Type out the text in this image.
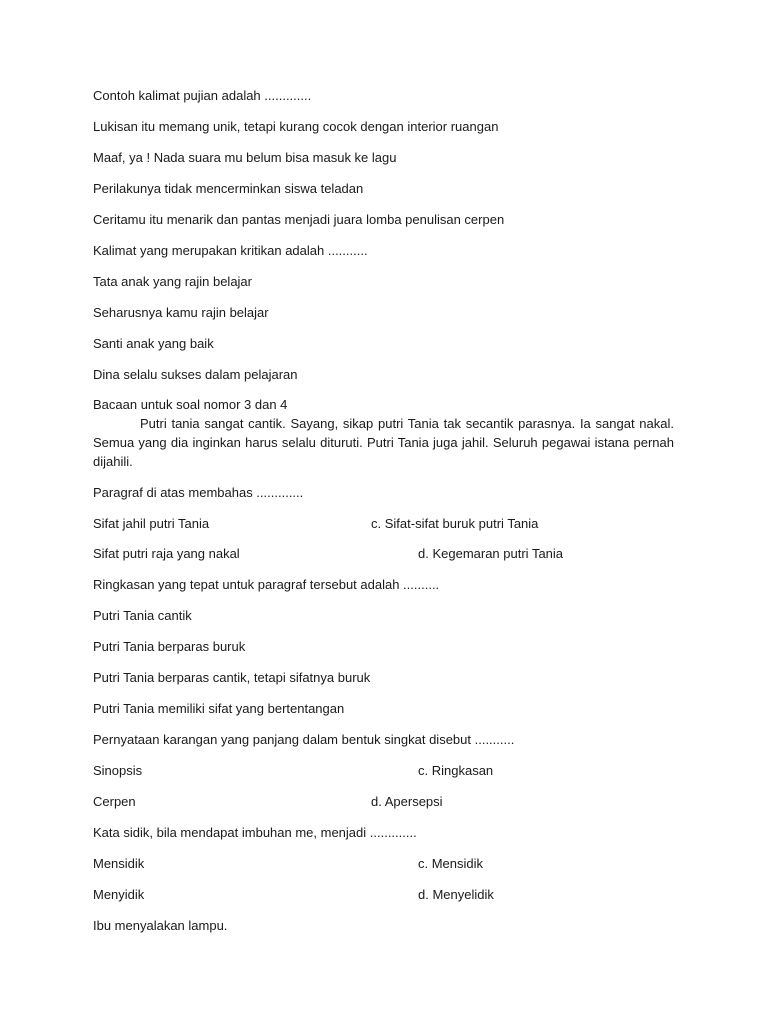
Contoh kalimat pujian adalah .............
Lukisan itu memang unik, tetapi kurang cocok dengan interior ruangan
Maaf, ya ! Nada suara mu belum bisa masuk ke lagu
Perilakunya tidak mencerminkan siswa teladan
Ceritamu itu menarik dan pantas menjadi juara lomba penulisan cerpen
Kalimat yang merupakan kritikan adalah ...........
Tata anak yang rajin belajar
Seharusnya kamu rajin belajar
Santi anak yang baik
Dina selalu sukses dalam pelajaran
Bacaan untuk soal nomor 3 dan 4
Putri tania sangat cantik. Sayang, sikap putri Tania tak secantik parasnya. Ia sangat nakal. Semua yang dia inginkan harus selalu dituruti. Putri Tania juga jahil. Seluruh pegawai istana pernah dijahili.
Paragraf di atas membahas .............
Sifat jahil putri Tania	c. Sifat-sifat buruk putri Tania
Sifat putri raja yang nakal	d. Kegemaran putri Tania
Ringkasan yang tepat untuk paragraf tersebut adalah ..........
Putri Tania cantik
Putri Tania berparas buruk
Putri Tania berparas cantik, tetapi sifatnya buruk
Putri Tania memiliki sifat yang bertentangan
Pernyataan karangan yang panjang dalam bentuk singkat disebut ...........
Sinopsis	c. Ringkasan
Cerpen	d. Apersepsi
Kata sidik, bila mendapat imbuhan me, menjadi .............
Mensidik	c. Mensidik
Menyidik	d. Menyelidik
Ibu menyalakan lampu.
